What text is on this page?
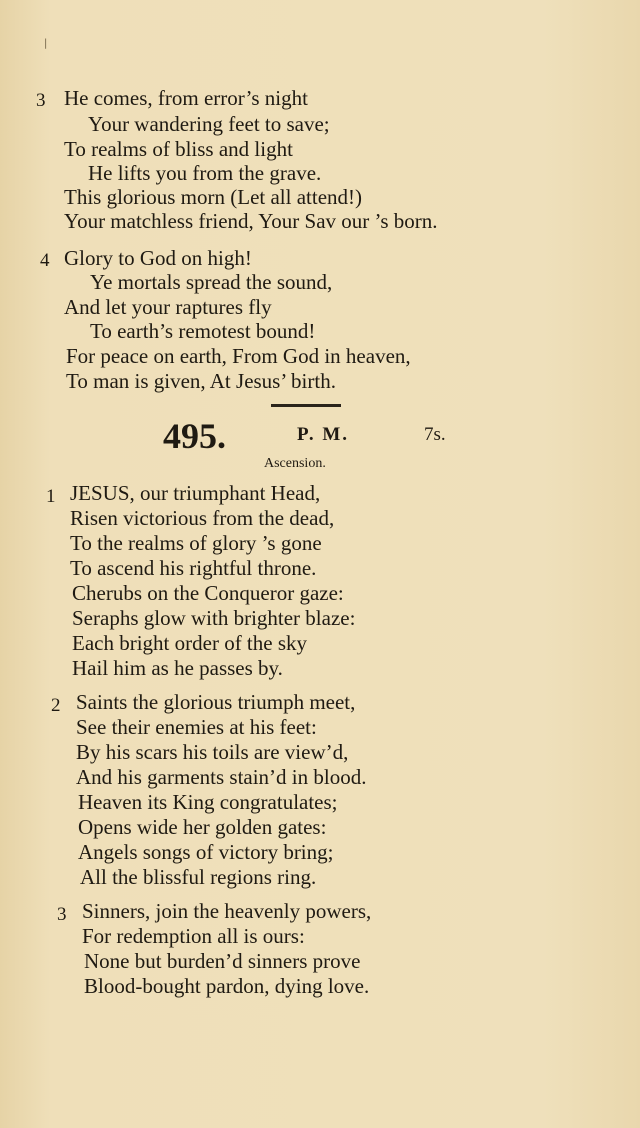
|
3 He comes, from error’s night
Your wandering feet to save;
To realms of bliss and light
He lifts you from the grave.
This glorious morn (Let all attend!)
Your matchless friend, Your Sav our ’s born.
4 Glory to God on high!
Ye mortals spread the sound,
And let your raptures fly
To earth’s remotest bound!
For peace on earth, From God in heaven,
To man is given, At Jesus’ birth.
495.	P. M.	7s.
Ascension.
1 JESUS, our triumphant Head,
Risen victorious from the dead,
To the realms of glory ’s gone
To ascend his rightful throne.
Cherubs on the Conqueror gaze:
Seraphs glow with brighter blaze:
Each bright order of the sky
Hail him as he passes by.
2 Saints the glorious triumph meet,
See their enemies at his feet:
By his scars his toils are view’d,
And his garments stain’d in blood.
Heaven its King congratulates;
Opens wide her golden gates:
Angels songs of victory bring;
All the blissful regions ring.
3 Sinners, join the heavenly powers,
For redemption all is ours:
None but burden’d sinners prove
Blood-bought pardon, dying love.
